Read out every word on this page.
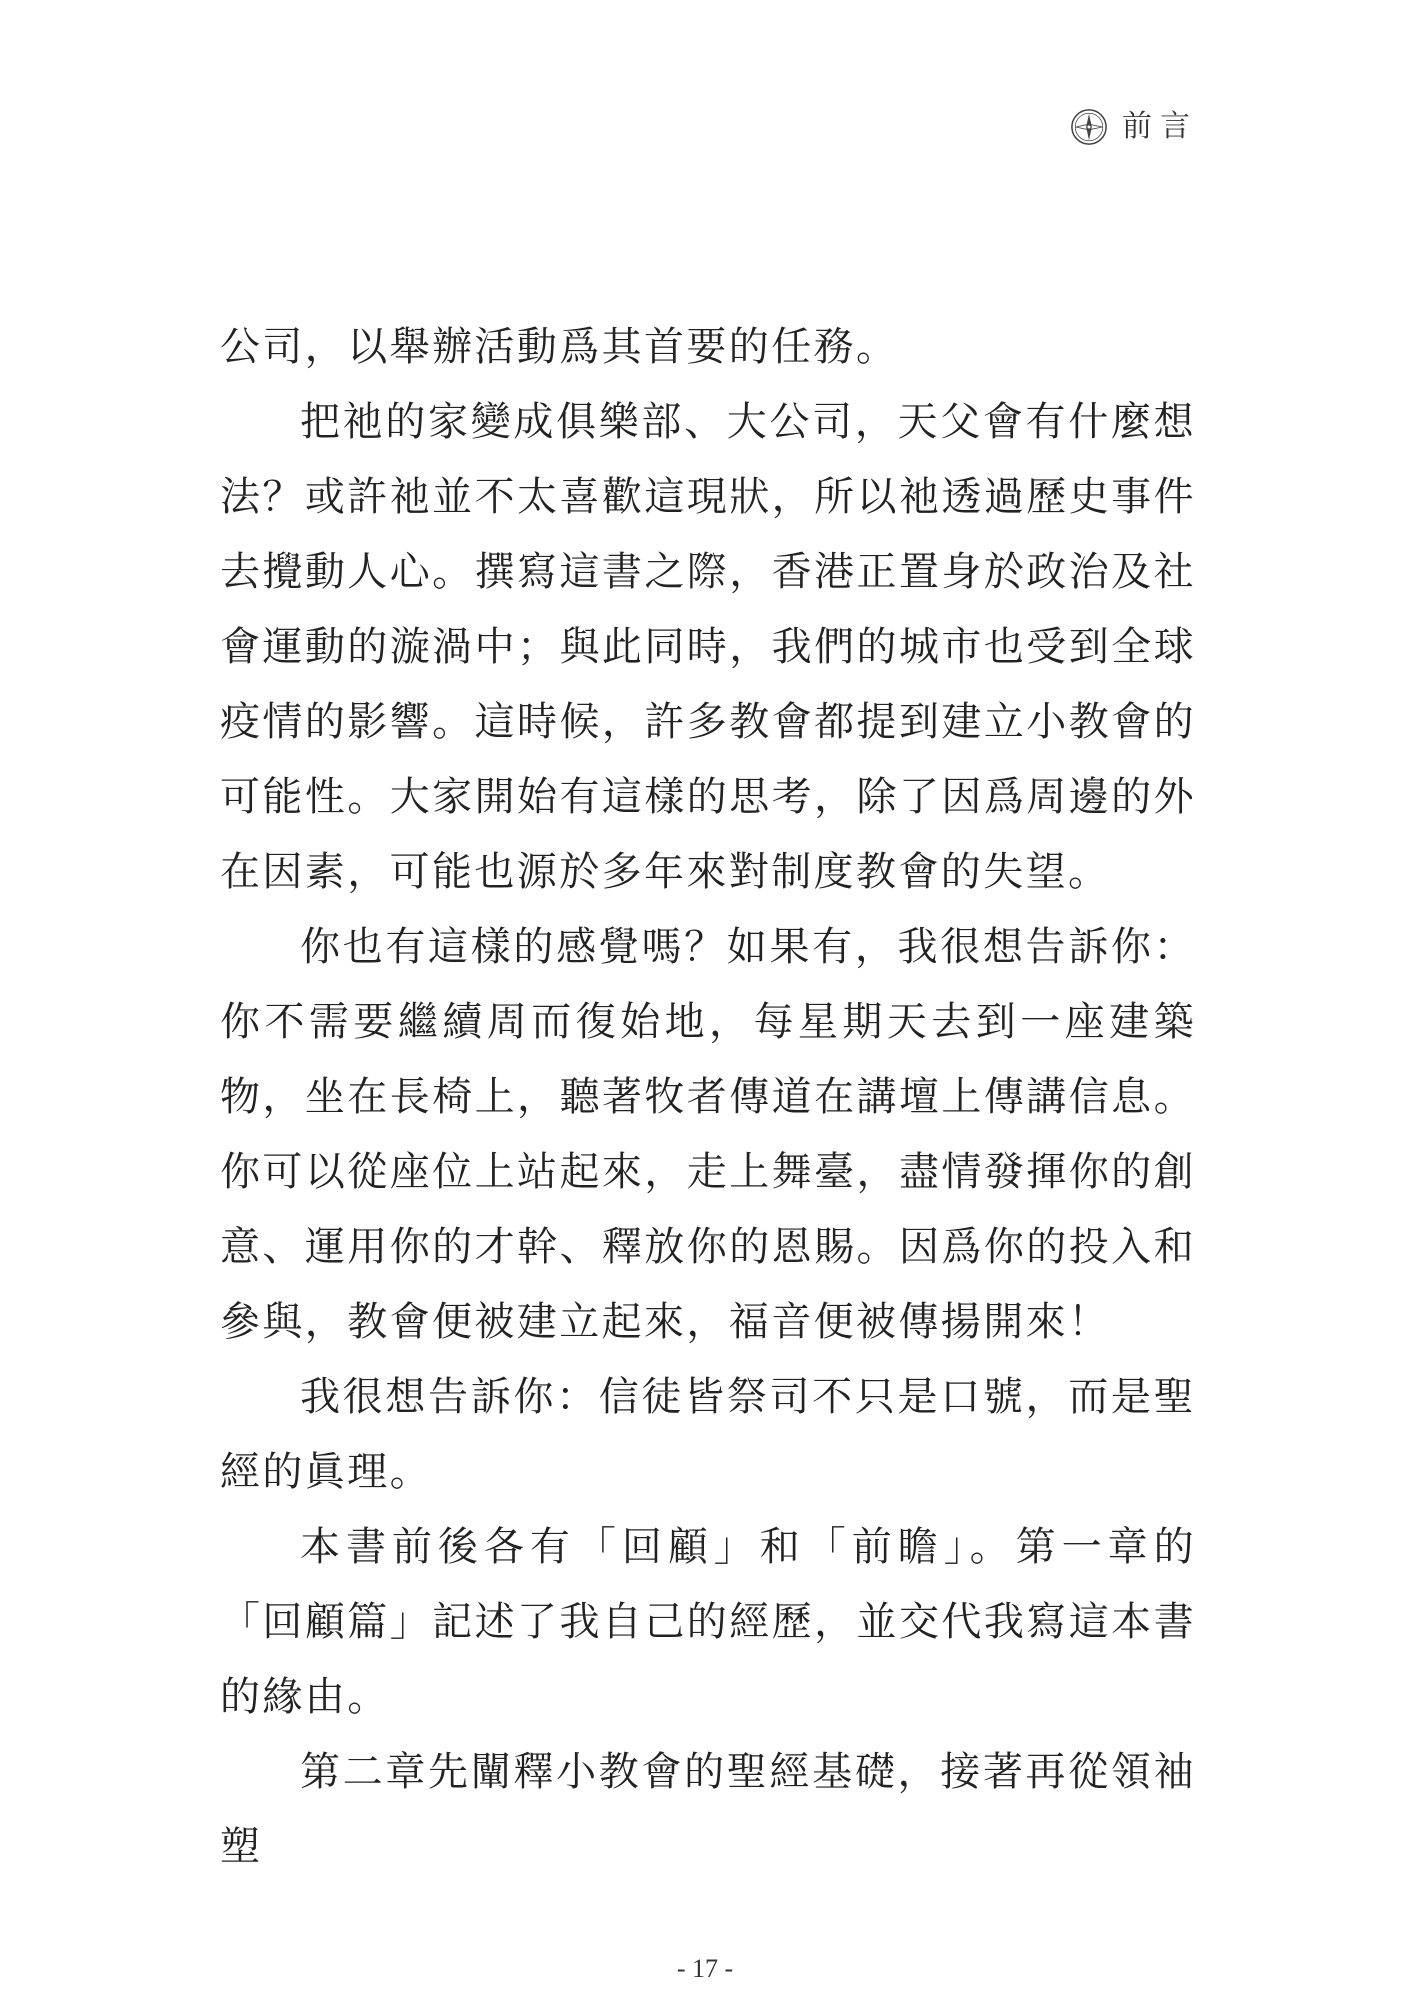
前言

公司，以舉辦活動爲其首要的任務。

把祂的家變成俱樂部、大公司，天父會有什麼想法？或許祂並不太喜歡這現狀，所以祂透過歷史事件去攪動人心。撰寫這書之際，香港正置身於政治及社會運動的漩渦中；與此同時，我們的城市也受到全球疫情的影響。這時候，許多教會都提到建立小教會的可能性。大家開始有這樣的思考，除了因爲周邊的外在因素，可能也源於多年來對制度教會的失望。

你也有這樣的感覺嗎？如果有，我很想告訴你：你不需要繼續周而復始地，每星期天去到一座建築物，坐在長椅上，聽著牧者傳道在講壇上傳講信息。你可以從座位上站起來，走上舞臺，盡情發揮你的創意、運用你的才幹、釋放你的恩賜。因爲你的投入和參與，教會便被建立起來，福音便被傳揚開來！

我很想告訴你：信徒皆祭司不只是口號，而是聖經的眞理。

本書前後各有「回顧」和「前瞻」。第一章的「回顧篇」記述了我自己的經歷，並交代我寫這本書的緣由。

第二章先闡釋小教會的聖經基礎，接著再從領袖塑

- 17 -
